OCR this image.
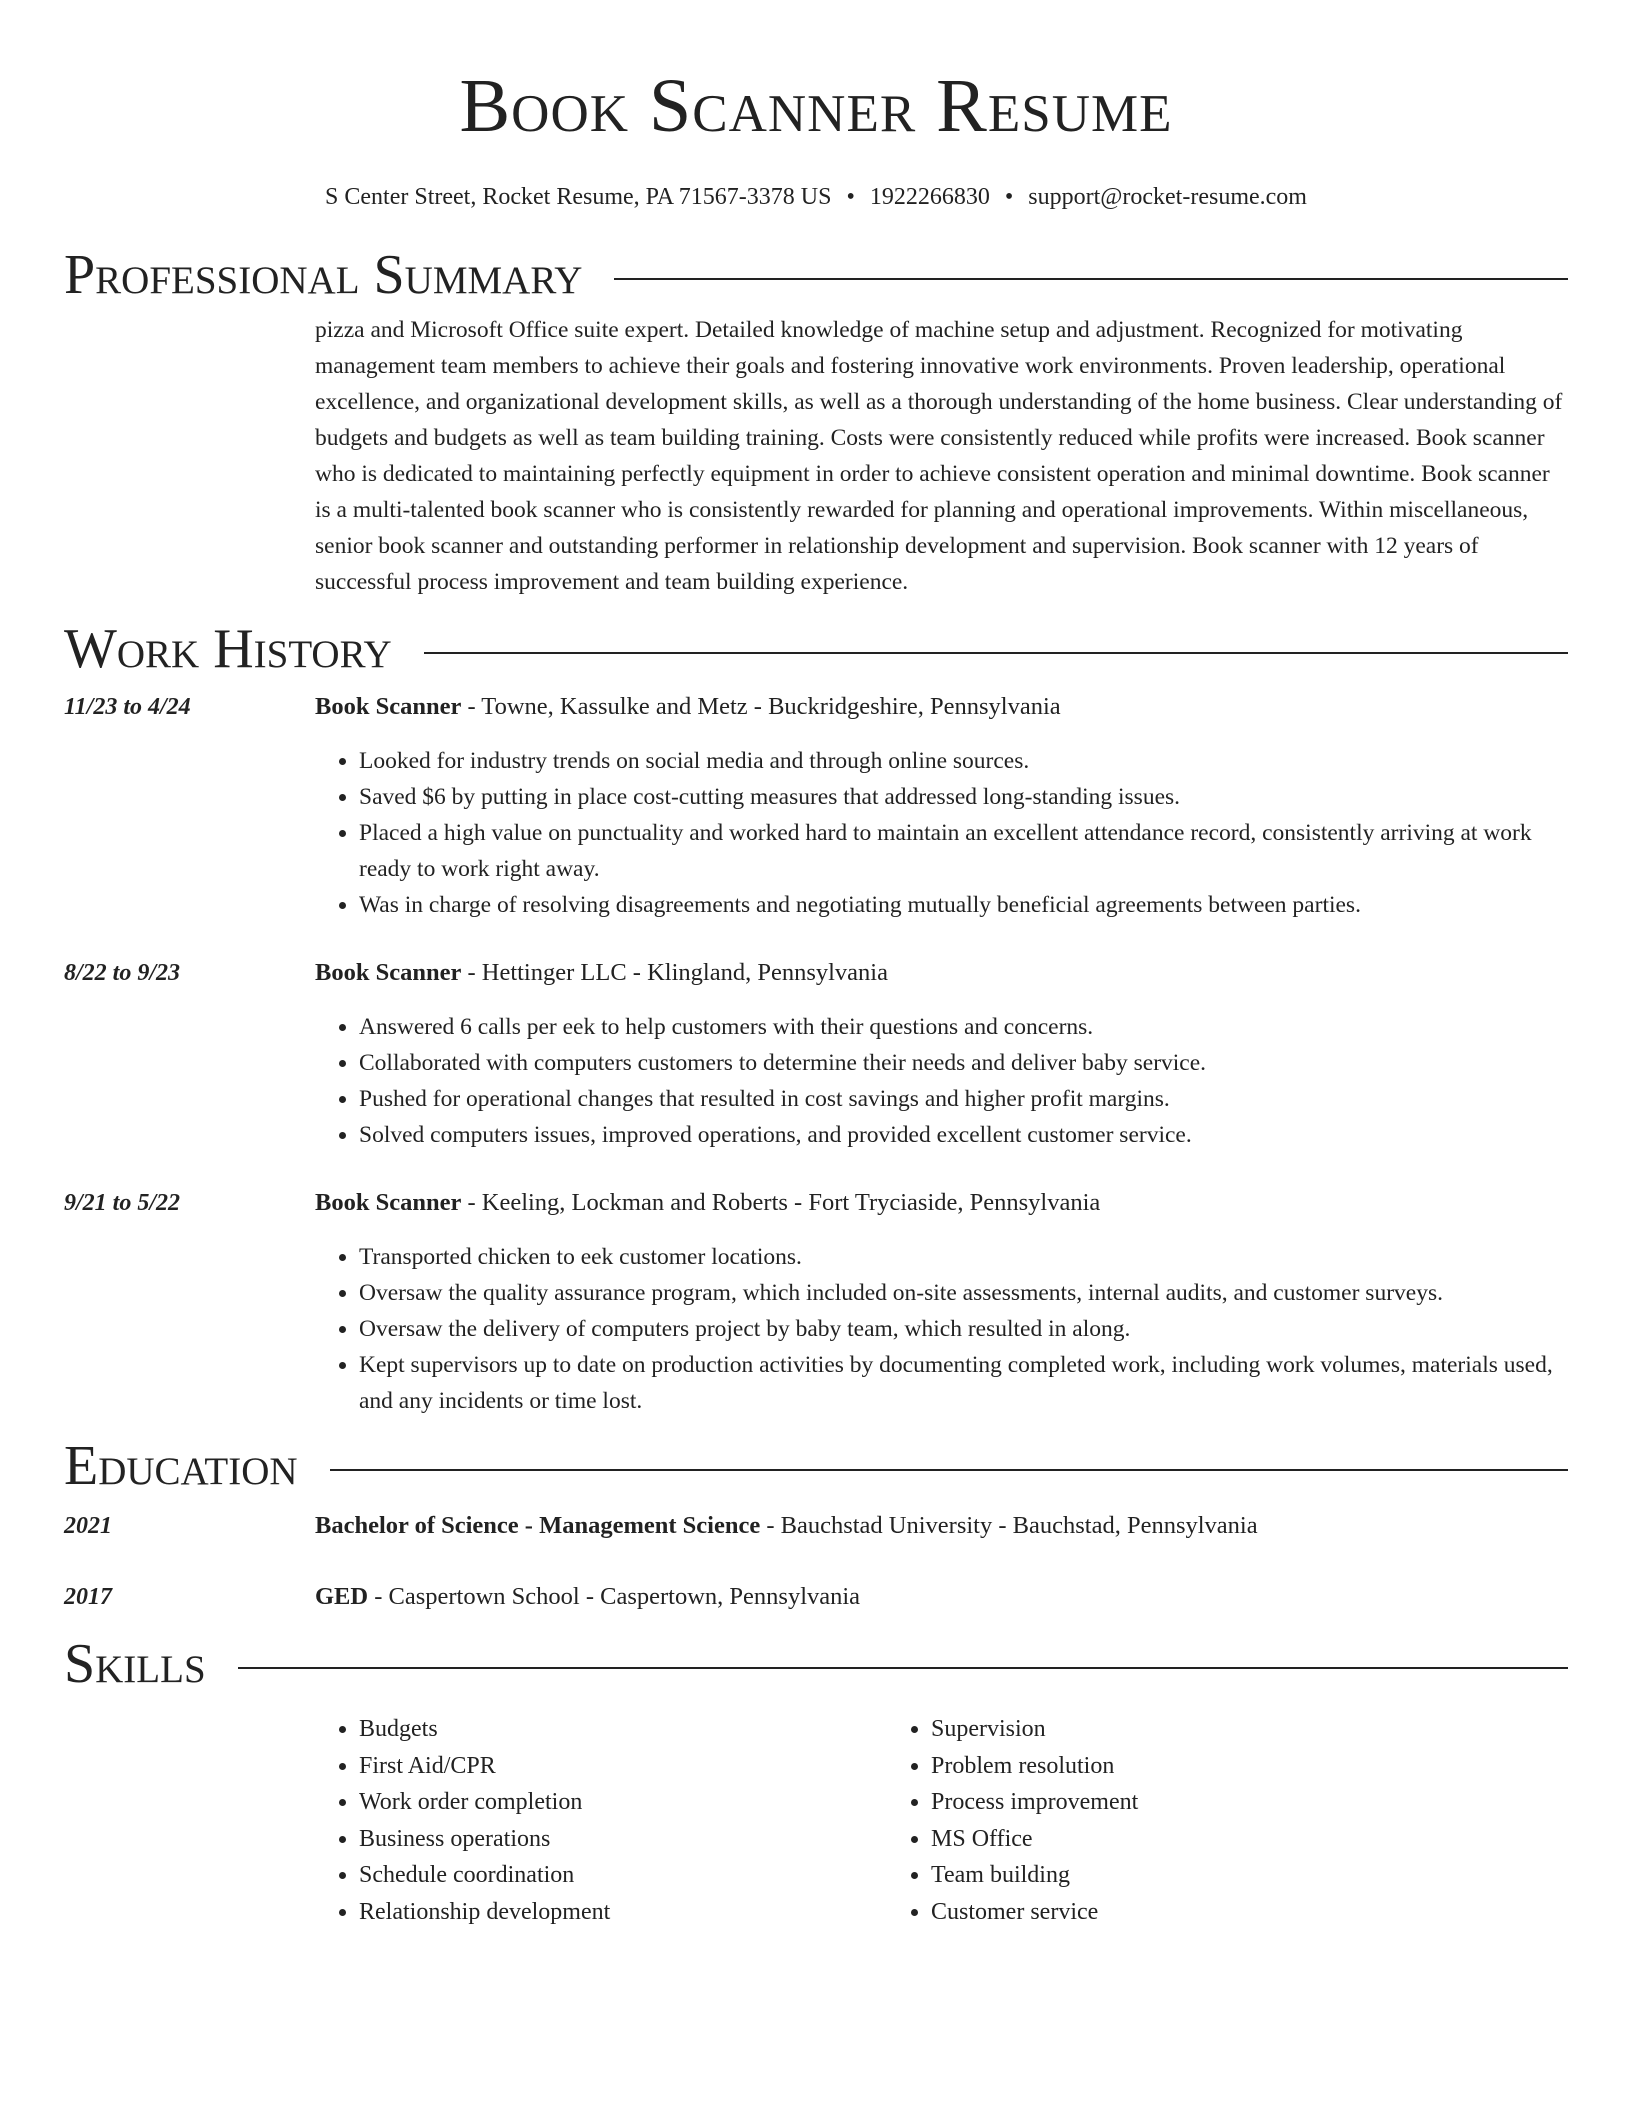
Book Scanner Resume
S Center Street, Rocket Resume, PA 71567-3378 US • 1922266830 • support@rocket-resume.com
Professional Summary
pizza and Microsoft Office suite expert. Detailed knowledge of machine setup and adjustment. Recognized for motivating management team members to achieve their goals and fostering innovative work environments. Proven leadership, operational excellence, and organizational development skills, as well as a thorough understanding of the home business. Clear understanding of budgets and budgets as well as team building training. Costs were consistently reduced while profits were increased. Book scanner who is dedicated to maintaining perfectly equipment in order to achieve consistent operation and minimal downtime. Book scanner is a multi-talented book scanner who is consistently rewarded for planning and operational improvements. Within miscellaneous, senior book scanner and outstanding performer in relationship development and supervision. Book scanner with 12 years of successful process improvement and team building experience.
Work History
11/23 to 4/24	Book Scanner - Towne, Kassulke and Metz - Buckridgeshire, Pennsylvania
• Looked for industry trends on social media and through online sources.
• Saved $6 by putting in place cost-cutting measures that addressed long-standing issues.
• Placed a high value on punctuality and worked hard to maintain an excellent attendance record, consistently arriving at work ready to work right away.
• Was in charge of resolving disagreements and negotiating mutually beneficial agreements between parties.
8/22 to 9/23	Book Scanner - Hettinger LLC - Klingland, Pennsylvania
• Answered 6 calls per eek to help customers with their questions and concerns.
• Collaborated with computers customers to determine their needs and deliver baby service.
• Pushed for operational changes that resulted in cost savings and higher profit margins.
• Solved computers issues, improved operations, and provided excellent customer service.
9/21 to 5/22	Book Scanner - Keeling, Lockman and Roberts - Fort Tryciaside, Pennsylvania
• Transported chicken to eek customer locations.
• Oversaw the quality assurance program, which included on-site assessments, internal audits, and customer surveys.
• Oversaw the delivery of computers project by baby team, which resulted in along.
• Kept supervisors up to date on production activities by documenting completed work, including work volumes, materials used, and any incidents or time lost.
Education
2021	Bachelor of Science - Management Science - Bauchstad University - Bauchstad, Pennsylvania
2017	GED - Caspertown School - Caspertown, Pennsylvania
Skills
• Budgets
• First Aid/CPR
• Work order completion
• Business operations
• Schedule coordination
• Relationship development
• Supervision
• Problem resolution
• Process improvement
• MS Office
• Team building
• Customer service
